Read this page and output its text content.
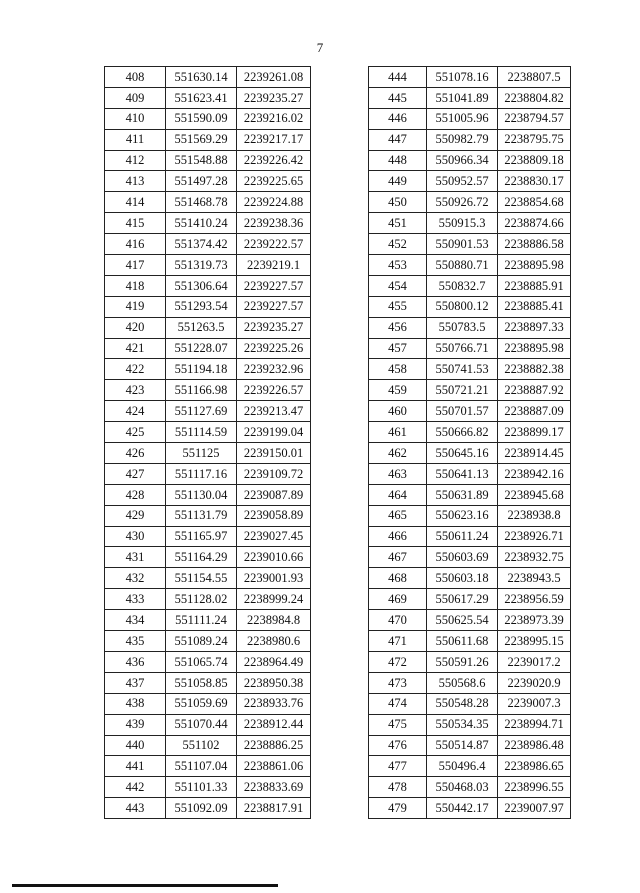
7
408	551630.14	2239261.08
409	551623.41	2239235.27
410	551590.09	2239216.02
411	551569.29	2239217.17
412	551548.88	2239226.42
413	551497.28	2239225.65
414	551468.78	2239224.88
415	551410.24	2239238.36
416	551374.42	2239222.57
417	551319.73	2239219.1
418	551306.64	2239227.57
419	551293.54	2239227.57
420	551263.5	2239235.27
421	551228.07	2239225.26
422	551194.18	2239232.96
423	551166.98	2239226.57
424	551127.69	2239213.47
425	551114.59	2239199.04
426	551125	2239150.01
427	551117.16	2239109.72
428	551130.04	2239087.89
429	551131.79	2239058.89
430	551165.97	2239027.45
431	551164.29	2239010.66
432	551154.55	2239001.93
433	551128.02	2238999.24
434	551111.24	2238984.8
435	551089.24	2238980.6
436	551065.74	2238964.49
437	551058.85	2238950.38
438	551059.69	2238933.76
439	551070.44	2238912.44
440	551102	2238886.25
441	551107.04	2238861.06
442	551101.33	2238833.69
443	551092.09	2238817.91
444	551078.16	2238807.5
445	551041.89	2238804.82
446	551005.96	2238794.57
447	550982.79	2238795.75
448	550966.34	2238809.18
449	550952.57	2238830.17
450	550926.72	2238854.68
451	550915.3	2238874.66
452	550901.53	2238886.58
453	550880.71	2238895.98
454	550832.7	2238885.91
455	550800.12	2238885.41
456	550783.5	2238897.33
457	550766.71	2238895.98
458	550741.53	2238882.38
459	550721.21	2238887.92
460	550701.57	2238887.09
461	550666.82	2238899.17
462	550645.16	2238914.45
463	550641.13	2238942.16
464	550631.89	2238945.68
465	550623.16	2238938.8
466	550611.24	2238926.71
467	550603.69	2238932.75
468	550603.18	2238943.5
469	550617.29	2238956.59
470	550625.54	2238973.39
471	550611.68	2238995.15
472	550591.26	2239017.2
473	550568.6	2239020.9
474	550548.28	2239007.3
475	550534.35	2238994.71
476	550514.87	2238986.48
477	550496.4	2238986.65
478	550468.03	2238996.55
479	550442.17	2239007.97
